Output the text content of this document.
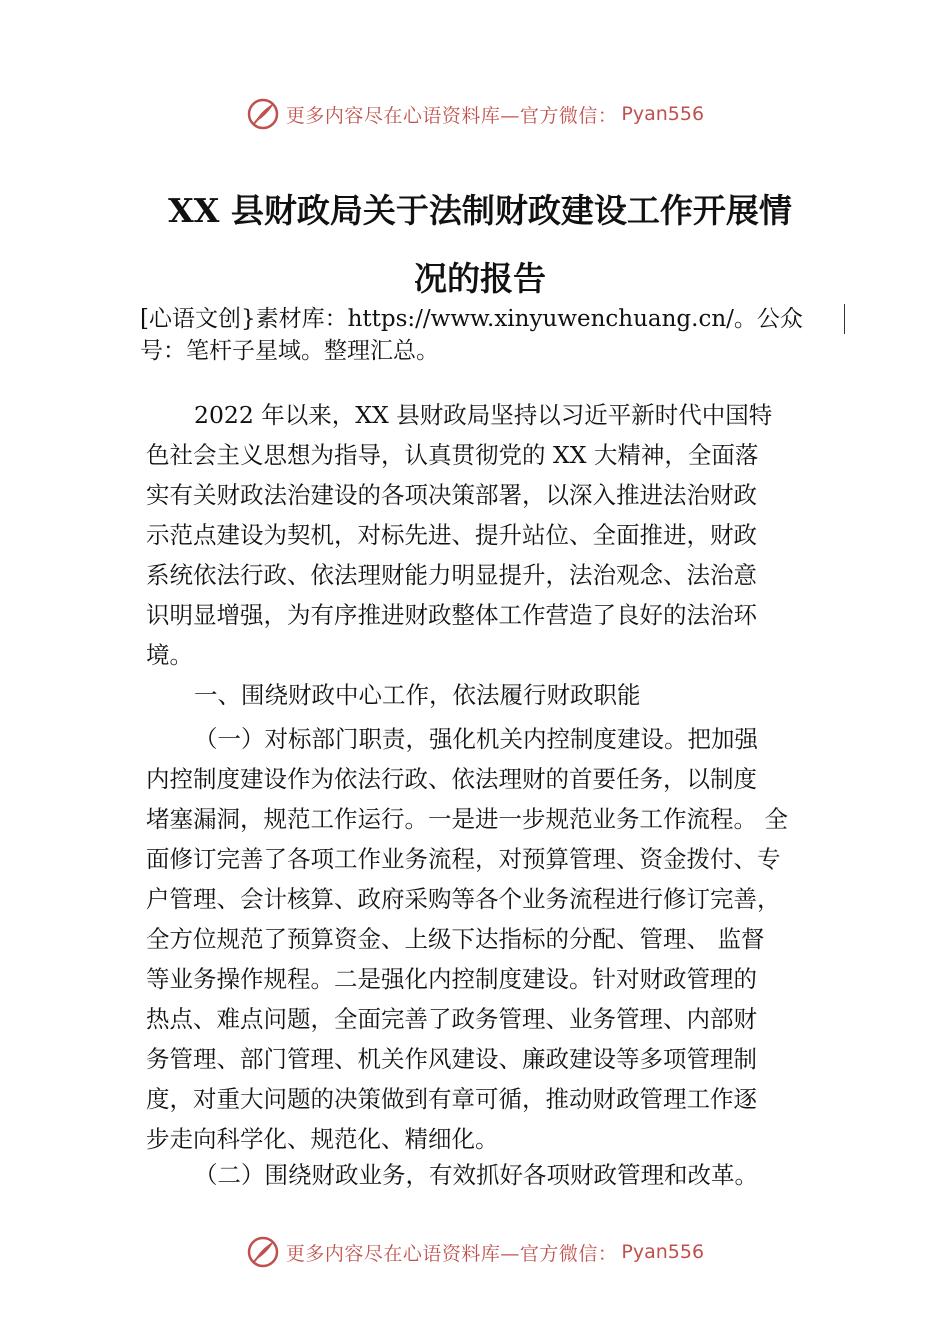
更多内容尽在心语资料库—官方微信： Pyan556
XX 县财政局关于法制财政建设工作开展情
况的报告
[心语文创}素材库：https://www.xinyuwenchuang.cn/。公众
号：笔杆子星域。整理汇总。
2022 年以来，XX 县财政局坚持以习近平新时代中国特
色社会主义思想为指导，认真贯彻党的 XX 大精神，全面落
实有关财政法治建设的各项决策部署，以深入推进法治财政
示范点建设为契机，对标先进、提升站位、全面推进，财政
系统依法行政、依法理财能力明显提升，法治观念、法治意
识明显增强，为有序推进财政整体工作营造了良好的法治环
境。
一、围绕财政中心工作，依法履行财政职能
（一）对标部门职责，强化机关内控制度建设。把加强
内控制度建设作为依法行政、依法理财的首要任务，以制度
堵塞漏洞，规范工作运行。一是进一步规范业务工作流程。 全
面修订完善了各项工作业务流程，对预算管理、资金拨付、专
户管理、会计核算、政府采购等各个业务流程进行修订完善，
全方位规范了预算资金、上级下达指标的分配、管理、 监督
等业务操作规程。二是强化内控制度建设。针对财政管理的
热点、难点问题，全面完善了政务管理、业务管理、内部财
务管理、部门管理、机关作风建设、廉政建设等多项管理制
度，对重大问题的决策做到有章可循，推动财政管理工作逐
步走向科学化、规范化、精细化。
（二）围绕财政业务，有效抓好各项财政管理和改革。
更多内容尽在心语资料库—官方微信： Pyan556
